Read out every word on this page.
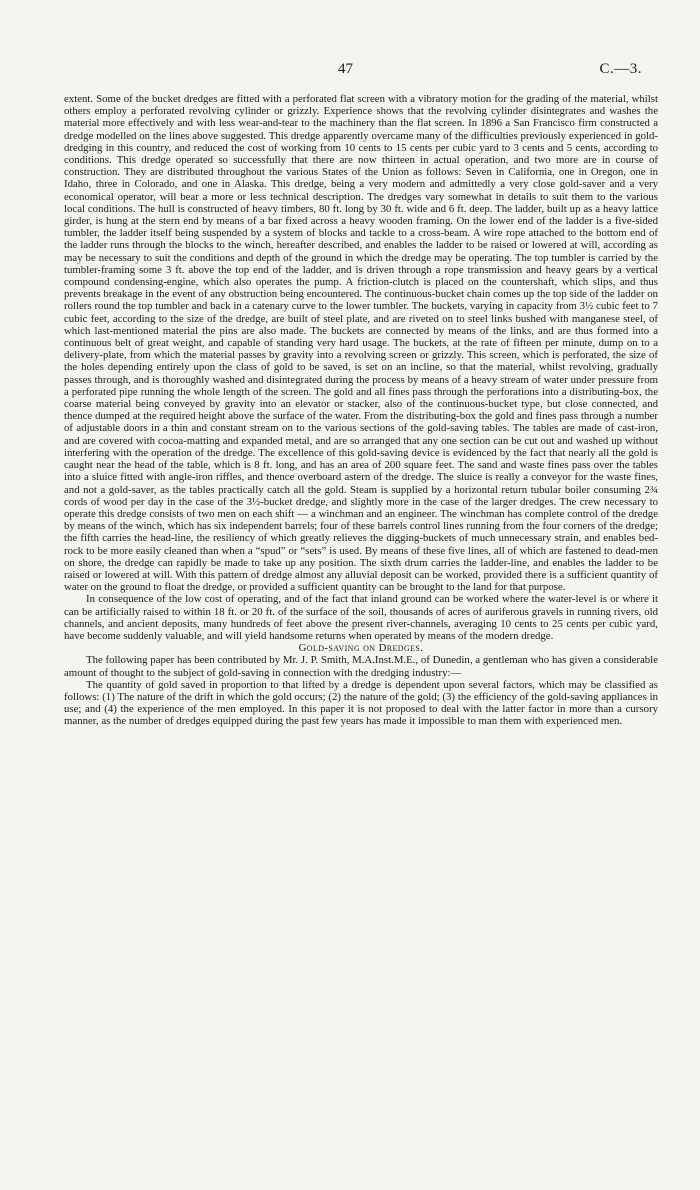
47	C.—3.

extent. Some of the bucket dredges are fitted with a perforated flat screen with a vibratory motion for the grading of the material, whilst others employ a perforated revolving cylinder or grizzly. Experience shows that the revolving cylinder disintegrates and washes the material more effectively and with less wear-and-tear to the machinery than the flat screen. In 1896 a San Francisco firm constructed a dredge modelled on the lines above suggested. This dredge apparently overcame many of the difficulties previously experienced in gold-dredging in this country, and reduced the cost of working from 10 cents to 15 cents per cubic yard to 3 cents and 5 cents, according to conditions. This dredge operated so successfully that there are now thirteen in actual operation, and two more are in course of construction. They are distributed throughout the various States of the Union as follows: Seven in California, one in Oregon, one in Idaho, three in Colorado, and one in Alaska. This dredge, being a very modern and admittedly a very close gold-saver and a very economical operator, will bear a more or less technical description. The dredges vary somewhat in details to suit them to the various local conditions. The hull is constructed of heavy timbers, 80 ft. long by 30 ft. wide and 6 ft. deep. The ladder, built up as a heavy lattice girder, is hung at the stern end by means of a bar fixed across a heavy wooden framing. On the lower end of the ladder is a five-sided tumbler, the ladder itself being suspended by a system of blocks and tackle to a cross-beam. A wire rope attached to the bottom end of the ladder runs through the blocks to the winch, hereafter described, and enables the ladder to be raised or lowered at will, according as may be necessary to suit the conditions and depth of the ground in which the dredge may be operating. The top tumbler is carried by the tumbler-framing some 3 ft. above the top end of the ladder, and is driven through a rope transmission and heavy gears by a vertical compound condensing-engine, which also operates the pump. A friction-clutch is placed on the countershaft, which slips, and thus prevents breakage in the event of any obstruction being encountered. The continuous-bucket chain comes up the top side of the ladder on rollers round the top tumbler and back in a catenary curve to the lower tumbler. The buckets, varying in capacity from 3½ cubic feet to 7 cubic feet, according to the size of the dredge, are built of steel plate, and are riveted on to steel links bushed with manganese steel, of which last-mentioned material the pins are also made. The buckets are connected by means of the links, and are thus formed into a continuous belt of great weight, and capable of standing very hard usage. The buckets, at the rate of fifteen per minute, dump on to a delivery-plate, from which the material passes by gravity into a revolving screen or grizzly. This screen, which is perforated, the size of the holes depending entirely upon the class of gold to be saved, is set on an incline, so that the material, whilst revolving, gradually passes through, and is thoroughly washed and disintegrated during the process by means of a heavy stream of water under pressure from a perforated pipe running the whole length of the screen. The gold and all fines pass through the perforations into a distributing-box, the coarse material being conveyed by gravity into an elevator or stacker, also of the continuous-bucket type, but close connected, and thence dumped at the required height above the surface of the water. From the distributing-box the gold and fines pass through a number of adjustable doors in a thin and constant stream on to the various sections of the gold-saving tables. The tables are made of cast-iron, and are covered with cocoa-matting and expanded metal, and are so arranged that any one section can be cut out and washed up without interfering with the operation of the dredge. The excellence of this gold-saving device is evidenced by the fact that nearly all the gold is caught near the head of the table, which is 8 ft. long, and has an area of 200 square feet. The sand and waste fines pass over the tables into a sluice fitted with angle-iron riffles, and thence overboard astern of the dredge. The sluice is really a conveyor for the waste fines, and not a gold-saver, as the tables practically catch all the gold. Steam is supplied by a horizontal return tubular boiler consuming 2¾ cords of wood per day in the case of the 3½-bucket dredge, and slightly more in the case of the larger dredges. The crew necessary to operate this dredge consists of two men on each shift — a winchman and an engineer. The winchman has complete control of the dredge by means of the winch, which has six independent barrels; four of these barrels control lines running from the four corners of the dredge; the fifth carries the head-line, the resiliency of which greatly relieves the digging-buckets of much unnecessary strain, and enables bed-rock to be more easily cleaned than when a “spud” or “sets” is used. By means of these five lines, all of which are fastened to dead-men on shore, the dredge can rapidly be made to take up any position. The sixth drum carries the ladder-line, and enables the ladder to be raised or lowered at will. With this pattern of dredge almost any alluvial deposit can be worked, provided there is a sufficient quantity of water on the ground to float the dredge, or provided a sufficient quantity can be brought to the land for that purpose.

In consequence of the low cost of operating, and of the fact that inland ground can be worked where the water-level is or where it can be artificially raised to within 18 ft. or 20 ft. of the surface of the soil, thousands of acres of auriferous gravels in running rivers, old channels, and ancient deposits, many hundreds of feet above the present river-channels, averaging 10 cents to 25 cents per cubic yard, have become suddenly valuable, and will yield handsome returns when operated by means of the modern dredge.

Gold-saving on Dredges.

The following paper has been contributed by Mr. J. P. Smith, M.A.Inst.M.E., of Dunedin, a gentleman who has given a considerable amount of thought to the subject of gold-saving in connection with the dredging industry:—

The quantity of gold saved in proportion to that lifted by a dredge is dependent upon several factors, which may be classified as follows: (1) The nature of the drift in which the gold occurs; (2) the nature of the gold; (3) the efficiency of the gold-saving appliances in use; and (4) the experience of the men employed. In this paper it is not proposed to deal with the latter factor in more than a cursory manner, as the number of dredges equipped during the past few years has made it impossible to man them with experienced men.
